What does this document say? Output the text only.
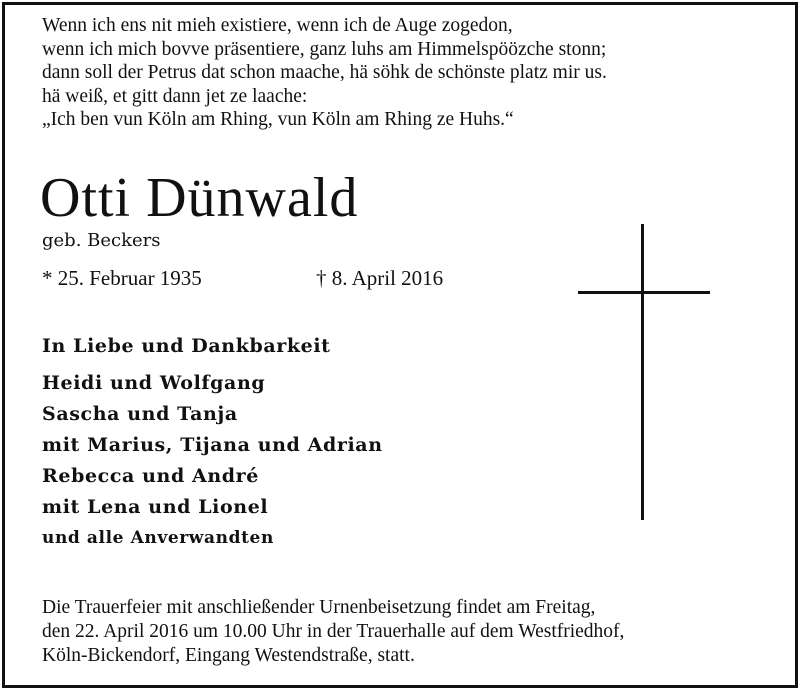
Wenn ich ens nit mieh existiere, wenn ich de Auge zogedon,
wenn ich mich bovve präsentiere, ganz luhs am Himmelspöözche stonn;
dann soll der Petrus dat schon maache, hä söhk de schönste platz mir us.
hä weiß, et gitt dann jet ze laache:
„Ich ben vun Köln am Rhing, vun Köln am Rhing ze Huhs.“
Otti Dünwald
geb. Beckers
* 25. Februar 1935	† 8. April 2016
In Liebe und Dankbarkeit
Heidi und Wolfgang
Sascha und Tanja
mit Marius, Tijana und Adrian
Rebecca und André
mit Lena und Lionel
und alle Anverwandten
Die Trauerfeier mit anschließender Urnenbeisetzung findet am Freitag,
den 22. April 2016 um 10.00 Uhr in der Trauerhalle auf dem Westfriedhof,
Köln-Bickendorf, Eingang Westendstraße, statt.
